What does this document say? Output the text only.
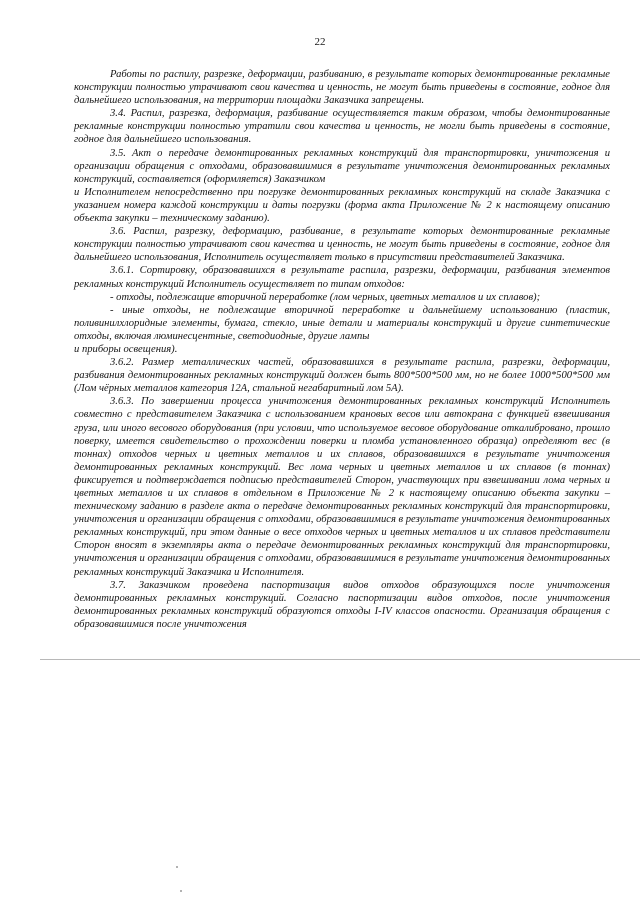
22

Работы по распилу, разрезке, деформации, разбиванию, в результате которых демонтированные рекламные конструкции полностью утрачивают свои качества и ценность, не могут быть приведены в состояние, годное для дальнейшего использования, на территории площадки Заказчика запрещены.

3.4. Распил, разрезка, деформация, разбивание осуществляется таким образом, чтобы демонтированные рекламные конструкции полностью утратили свои качества и ценность, не могли быть приведены в состояние, годное для дальнейшего использования.

3.5. Акт о передаче демонтированных рекламных конструкций для транспортировки, уничтожения и организации обращения с отходами, образовавшимися в результате уничтожения демонтированных рекламных конструкций, составляется (оформляется) Заказчиком

и Исполнителем непосредственно при погрузке демонтированных рекламных конструкций на складе Заказчика с указанием номера каждой конструкции и даты погрузки (форма акта Приложение № 2 к настоящему описанию объекта закупки – техническому заданию).

3.6. Распил, разрезку, деформацию, разбивание, в результате которых демонтированные рекламные конструкции полностью утрачивают свои качества и ценность, не могут быть приведены в состояние, годное для дальнейшего использования, Исполнитель осуществляет только в присутствии представителей Заказчика.

3.6.1. Сортировку, образовавшихся в результате распила, разрезки, деформации, разбивания элементов рекламных конструкций Исполнитель осуществляет по типам отходов:

- отходы, подлежащие вторичной переработке (лом черных, цветных металлов и их сплавов);

- иные отходы, не подлежащие вторичной переработке и дальнейшему использованию (пластик, поливинилхлоридные элементы, бумага, стекло, иные детали и материалы конструкций и другие синтетические отходы, включая люминесцентные, светодиодные, другие лампы

и приборы освещения).

3.6.2. Размер металлических частей, образовавшихся в результате распила, разрезки, деформации, разбивания демонтированных рекламных конструкций должен быть 800*500*500 мм, но не более 1000*500*500 мм (Лом чёрных металлов категория 12А, стальной негабаритный лом 5А).

3.6.3. По завершении процесса уничтожения демонтированных рекламных конструкций Исполнитель совместно с представителем Заказчика с использованием крановых весов или автокрана с функцией взвешивания груза, или иного весового оборудования (при условии, что используемое весовое оборудование откалибровано, прошло поверку, имеется свидетельство о прохождении поверки и пломба установленного образца) определяют вес (в тоннах) отходов черных и цветных металлов и их сплавов, образовавшихся в результате уничтожения демонтированных рекламных конструкций. Вес лома черных и цветных металлов и их сплавов (в тоннах) фиксируется и подтверждается подписью представителей Сторон, участвующих при взвешивании лома черных и цветных металлов и их сплавов в отдельном в Приложение № 2 к настоящему описанию объекта закупки – техническому заданию в разделе акта о передаче демонтированных рекламных конструкций для транспортировки, уничтожения и организации обращения с отходами, образовавшимися в результате уничтожения демонтированных рекламных конструкций, при этом данные о весе отходов черных и цветных металлов и их сплавов представители Сторон вносят в экземпляры акта о передаче демонтированных рекламных конструкций для транспортировки, уничтожения и организации обращения с отходами, образовавшимися в результате уничтожения демонтированных рекламных конструкций Заказчика и Исполнителя.

3.7. Заказчиком проведена паспортизация видов отходов образующихся после уничтожения демонтированных рекламных конструкций. Согласно паспортизации видов отходов, после уничтожения демонтированных рекламных конструкций образуются отходы I-IV классов опасности. Организация обращения с образовавшимися после уничтожения
